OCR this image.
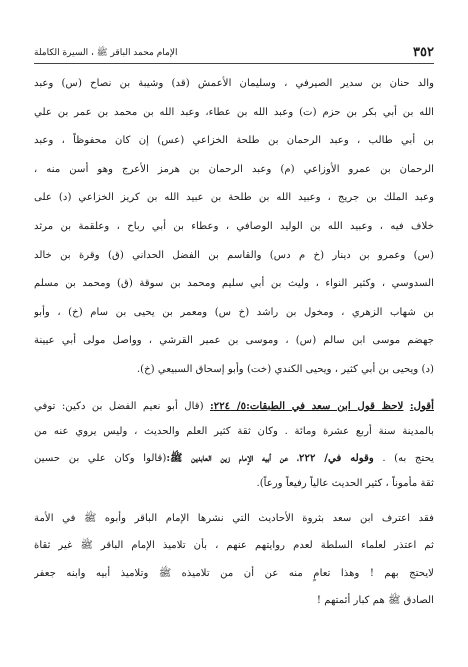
٣٥٢
الإمام محمد الباقر ﷺ ، السيرة الكاملة
والد حنان بن سدير الصيرفي ، وسليمان الأعمش (قد) وشيبة بن نصاح (س) وعبد
الله بن أبي بكر بن حزم (ت) وعبد الله بن عطاء، وعبد الله بن محمد بن عمر بن علي
بن أبي طالب ، وعبد الرحمان بن طلحة الخزاعي (عس) إن كان محفوظاً ، وعبد
الرحمان بن عمرو الأوزاعي (م) وعبد الرحمان بن هرمز الأعرج وهو أسن منه ،
وعبد الملك بن جريج ، وعبيد الله بن طلحة بن عبيد الله بن كريز الخزاعي (د) على
خلاف فيه ، وعبيد الله بن الوليد الوصافي ، وعطاء بن أبي رباح ، وعلقمة بن مرثد
(س) وعمرو بن دينار (خ م دس) والقاسم بن الفضل الحداني (ق) وقرة بن خالد
السدوسي ، وكثير النواء ، وليث بن أبي سليم ومحمد بن سوقة (ق) ومحمد بن مسلم
بن شهاب الزهري ، ومخول بن راشد (خ س) ومعمر بن يحيى بن سام (خ) ، وأبو
جهضم موسى ابن سالم (س) ، وموسى بن عمير القرشي ، وواصل مولى أبي عيينة
(د) ويحيى بن أبي كثير ، ويحيى الكندي (خت) وأبو إسحاق السبيعي (خ).
أقول: لاحظ قول ابن سعد في الطبقات:٥/ ٢٢٤: (قال أبو نعيم الفضل بن دكين: توفي
بالمدينة سنة أربع عشرة ومائة . وكان ثقة كثير العلم والحديث ، وليس يروي عنه من
يحتج به) . وقوله في/ ٢٢٢، عن أبيه الإمام زين العابدين ﷺ:(قالوا وكان علي بن حسين
ثقة مأموناً ، كثير الحديث عالياً رفيعاً ورعاً).
فقد اعترف ابن سعد بثروة الأحاديث التي نشرها الإمام الباقر وأبوه ﷺ في الأمة
ثم اعتذر لعلماء السلطة لعدم روايتهم عنهم ، بأن تلاميذ الإمام الباقر ﷺ غير ثقاة
لايحتج بهم ! وهذا تعامٍ منه عن أن من تلاميذه ﷺ وتلاميذ أبيه وابنه جعفر
الصادق ﷺ هم كبار أئمتهم !
